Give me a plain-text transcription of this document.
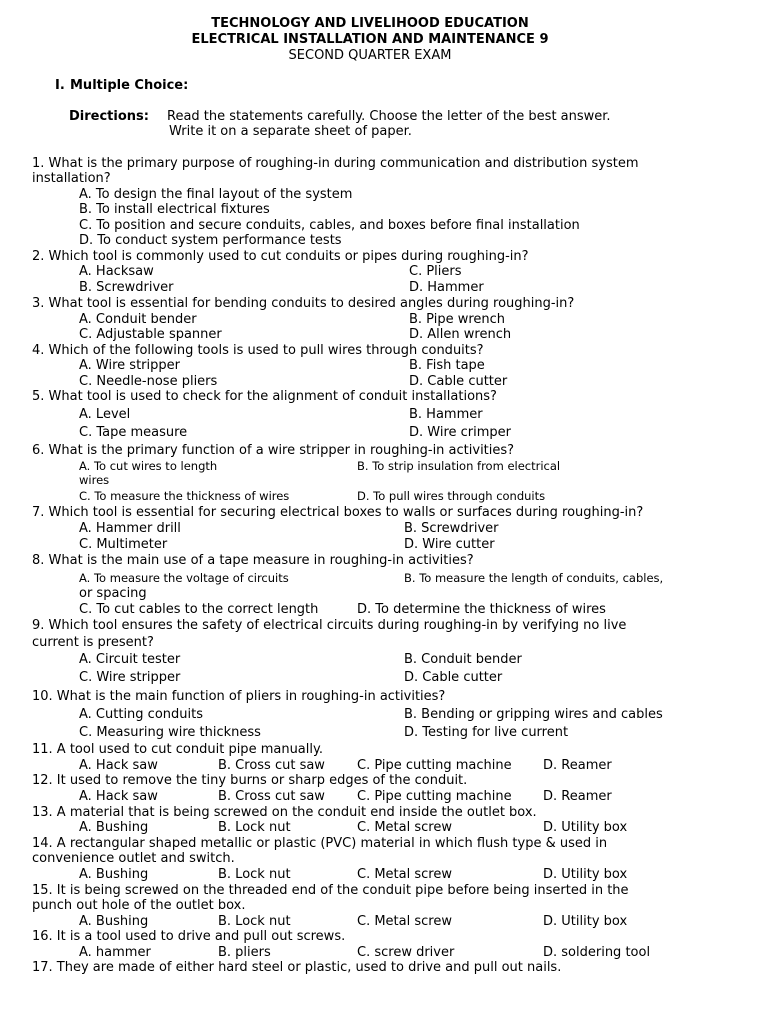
TECHNOLOGY AND LIVELIHOOD EDUCATION
ELECTRICAL INSTALLATION AND MAINTENANCE 9
SECOND QUARTER EXAM
I. Multiple Choice:
Directions: Read the statements carefully. Choose the letter of the best answer.
Write it on a separate sheet of paper.
1. What is the primary purpose of roughing-in during communication and distribution system
installation?
A. To design the final layout of the system
B. To install electrical fixtures
C. To position and secure conduits, cables, and boxes before final installation
D. To conduct system performance tests
2. Which tool is commonly used to cut conduits or pipes during roughing-in?
A. Hacksaw	C. Pliers
B. Screwdriver	D. Hammer
3. What tool is essential for bending conduits to desired angles during roughing-in?
A. Conduit bender	B. Pipe wrench
C. Adjustable spanner	D. Allen wrench
4. Which of the following tools is used to pull wires through conduits?
A. Wire stripper	B. Fish tape
C. Needle-nose pliers	D. Cable cutter
5. What tool is used to check for the alignment of conduit installations?
A. Level	B. Hammer
C. Tape measure	D. Wire crimper
6. What is the primary function of a wire stripper in roughing-in activities?
A. To cut wires to length	B. To strip insulation from electrical
wires
C. To measure the thickness of wires	D. To pull wires through conduits
7. Which tool is essential for securing electrical boxes to walls or surfaces during roughing-in?
A. Hammer drill	B. Screwdriver
C. Multimeter	D. Wire cutter
8. What is the main use of a tape measure in roughing-in activities?
A. To measure the voltage of circuits	B. To measure the length of conduits, cables,
or spacing
C. To cut cables to the correct length	D. To determine the thickness of wires
9. Which tool ensures the safety of electrical circuits during roughing-in by verifying no live
current is present?
A. Circuit tester	B. Conduit bender
C. Wire stripper	D. Cable cutter
10. What is the main function of pliers in roughing-in activities?
A. Cutting conduits	B. Bending or gripping wires and cables
C. Measuring wire thickness	D. Testing for live current
11. A tool used to cut conduit pipe manually.
A. Hack saw	B. Cross cut saw C. Pipe cutting machine D. Reamer
12. It used to remove the tiny burns or sharp edges of the conduit.
A. Hack saw	B. Cross cut saw C. Pipe cutting machine D. Reamer
13. A material that is being screwed on the conduit end inside the outlet box.
A. Bushing	B. Lock nut	C. Metal screw	D. Utility box
14. A rectangular shaped metallic or plastic (PVC) material in which flush type & used in
convenience outlet and switch.
A. Bushing	B. Lock nut	C. Metal screw	D. Utility box
15. It is being screwed on the threaded end of the conduit pipe before being inserted in the
punch out hole of the outlet box.
A. Bushing	B. Lock nut	C. Metal screw	D. Utility box
16. It is a tool used to drive and pull out screws.
A. hammer	B. pliers	C. screw driver	D. soldering tool
17. They are made of either hard steel or plastic, used to drive and pull out nails.
